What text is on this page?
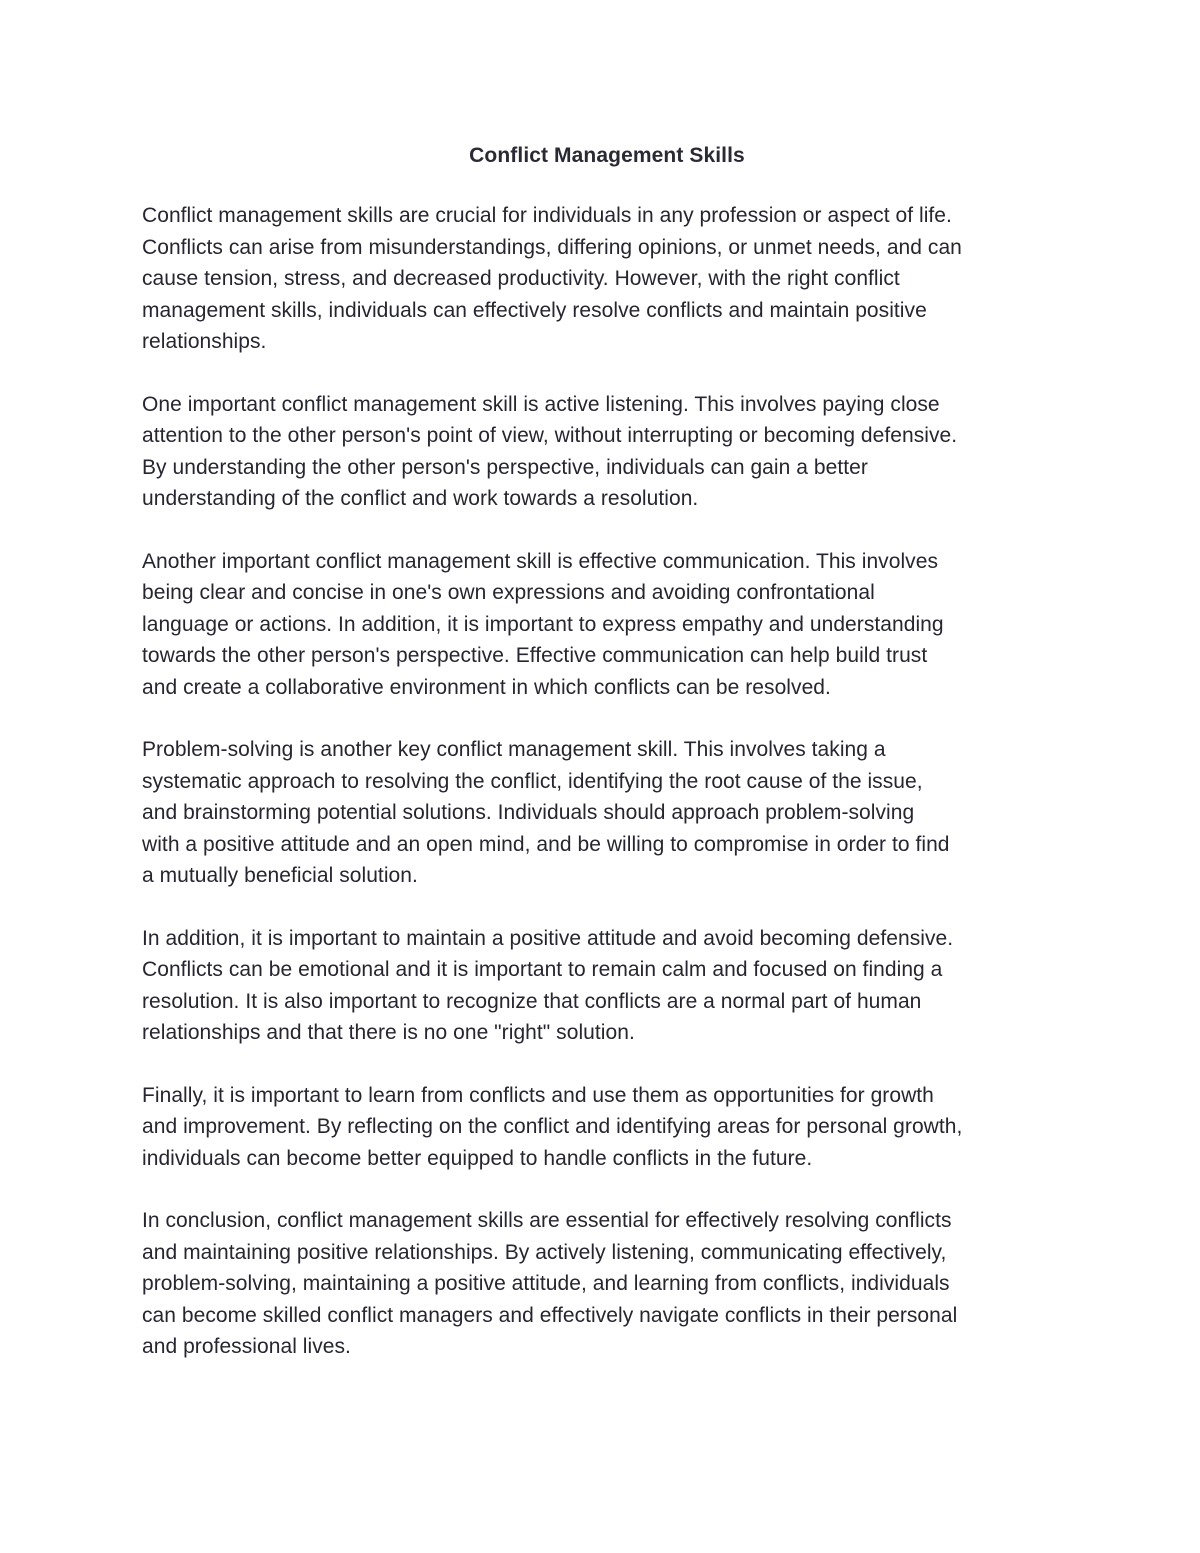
Conflict Management Skills

Conflict management skills are crucial for individuals in any profession or aspect of life.
Conflicts can arise from misunderstandings, differing opinions, or unmet needs, and can
cause tension, stress, and decreased productivity. However, with the right conflict
management skills, individuals can effectively resolve conflicts and maintain positive
relationships.

One important conflict management skill is active listening. This involves paying close
attention to the other person's point of view, without interrupting or becoming defensive.
By understanding the other person's perspective, individuals can gain a better
understanding of the conflict and work towards a resolution.

Another important conflict management skill is effective communication. This involves
being clear and concise in one's own expressions and avoiding confrontational
language or actions. In addition, it is important to express empathy and understanding
towards the other person's perspective. Effective communication can help build trust
and create a collaborative environment in which conflicts can be resolved.

Problem-solving is another key conflict management skill. This involves taking a
systematic approach to resolving the conflict, identifying the root cause of the issue,
and brainstorming potential solutions. Individuals should approach problem-solving
with a positive attitude and an open mind, and be willing to compromise in order to find
a mutually beneficial solution.

In addition, it is important to maintain a positive attitude and avoid becoming defensive.
Conflicts can be emotional and it is important to remain calm and focused on finding a
resolution. It is also important to recognize that conflicts are a normal part of human
relationships and that there is no one "right" solution.

Finally, it is important to learn from conflicts and use them as opportunities for growth
and improvement. By reflecting on the conflict and identifying areas for personal growth,
individuals can become better equipped to handle conflicts in the future.

In conclusion, conflict management skills are essential for effectively resolving conflicts
and maintaining positive relationships. By actively listening, communicating effectively,
problem-solving, maintaining a positive attitude, and learning from conflicts, individuals
can become skilled conflict managers and effectively navigate conflicts in their personal
and professional lives.
